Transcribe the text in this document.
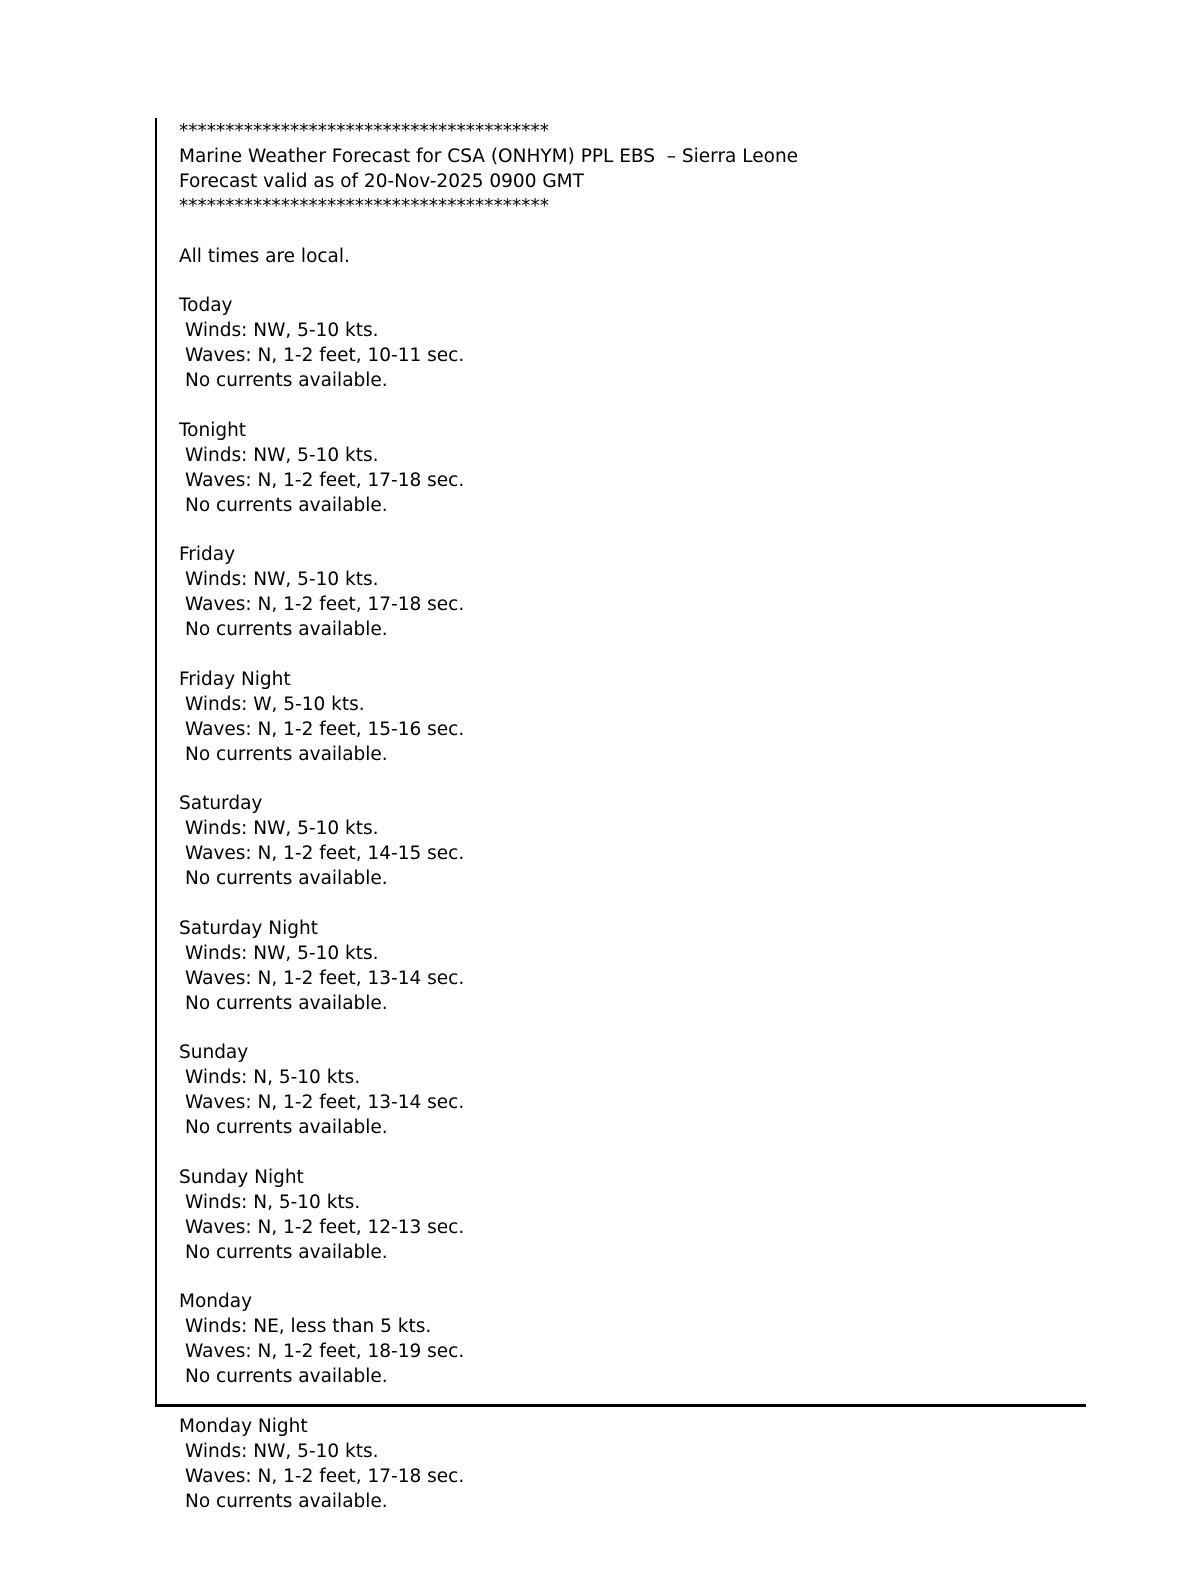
****************************************
Marine Weather Forecast for CSA (ONHYM) PPL EBS  – Sierra Leone
Forecast valid as of 20-Nov-2025 0900 GMT
****************************************
All times are local.
Today
Winds: NW, 5-10 kts.
Waves: N, 1-2 feet, 10-11 sec.
No currents available.
Tonight
Winds: NW, 5-10 kts.
Waves: N, 1-2 feet, 17-18 sec.
No currents available.
Friday
Winds: NW, 5-10 kts.
Waves: N, 1-2 feet, 17-18 sec.
No currents available.
Friday Night
Winds: W, 5-10 kts.
Waves: N, 1-2 feet, 15-16 sec.
No currents available.
Saturday
Winds: NW, 5-10 kts.
Waves: N, 1-2 feet, 14-15 sec.
No currents available.
Saturday Night
Winds: NW, 5-10 kts.
Waves: N, 1-2 feet, 13-14 sec.
No currents available.
Sunday
Winds: N, 5-10 kts.
Waves: N, 1-2 feet, 13-14 sec.
No currents available.
Sunday Night
Winds: N, 5-10 kts.
Waves: N, 1-2 feet, 12-13 sec.
No currents available.
Monday
Winds: NE, less than 5 kts.
Waves: N, 1-2 feet, 18-19 sec.
No currents available.
Monday Night
Winds: NW, 5-10 kts.
Waves: N, 1-2 feet, 17-18 sec.
No currents available.
